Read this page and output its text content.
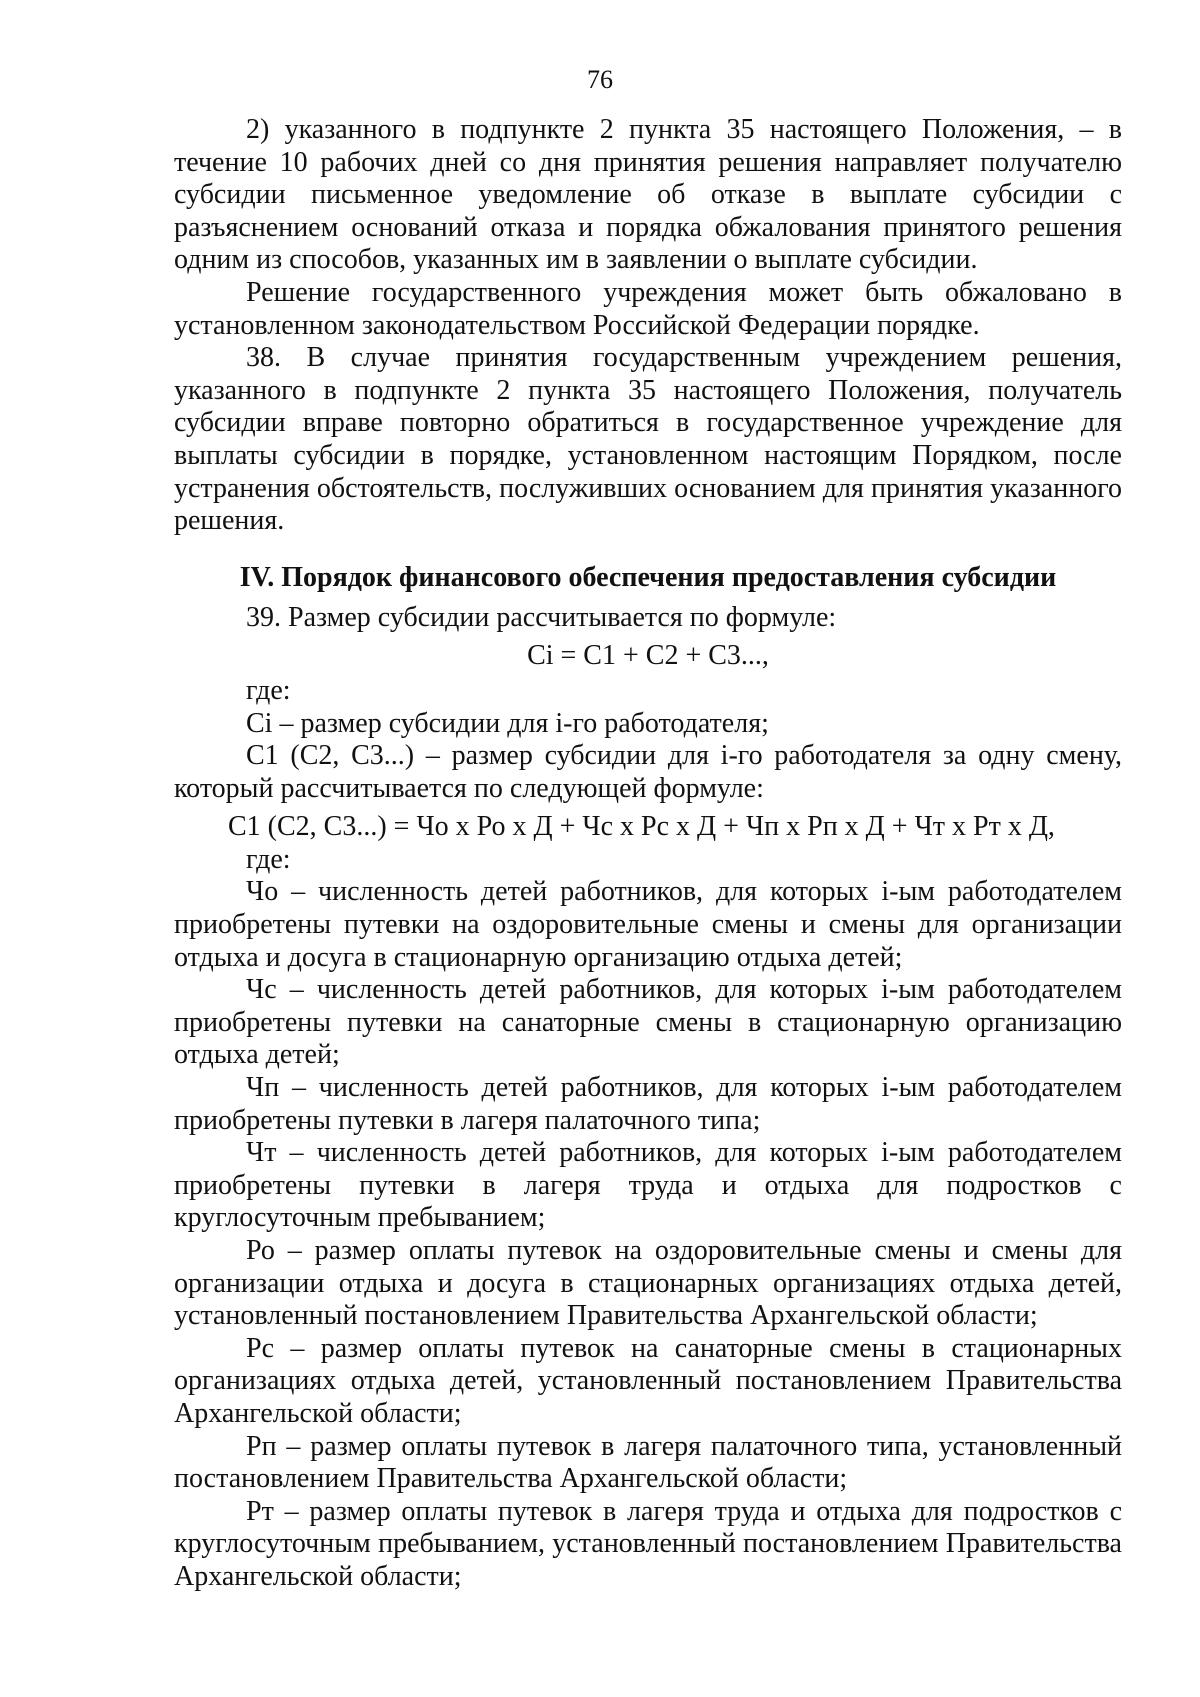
76

2) указанного в подпункте 2 пункта 35 настоящего Положения, – в течение 10 рабочих дней со дня принятия решения направляет получателю субсидии письменное уведомление об отказе в выплате субсидии с разъяснением оснований отказа и порядка обжалования принятого решения одним из способов, указанных им в заявлении о выплате субсидии.

Решение государственного учреждения может быть обжаловано в установленном законодательством Российской Федерации порядке.

38. В случае принятия государственным учреждением решения, указанного в подпункте 2 пункта 35 настоящего Положения, получатель субсидии вправе повторно обратиться в государственное учреждение для выплаты субсидии в порядке, установленном настоящим Порядком, после устранения обстоятельств, послуживших основанием для принятия указанного решения.

IV. Порядок финансового обеспечения предоставления субсидии

39. Размер субсидии рассчитывается по формуле:

Ci = C1 + C2 + C3...,

где:

Ci – размер субсидии для i-го работодателя;

C1 (C2, C3...) – размер субсидии для i-го работодателя за одну смену, который рассчитывается по следующей формуле:

C1 (C2, C3...) = Чо х Ро х Д + Чс х Рс х Д + Чп х Рп х Д + Чт х Рт х Д,

где:

Чо – численность детей работников, для которых i-ым работодателем приобретены путевки на оздоровительные смены и смены для организации отдыха и досуга в стационарную организацию отдыха детей;

Чс – численность детей работников, для которых i-ым работодателем приобретены путевки на санаторные смены в стационарную организацию отдыха детей;

Чп – численность детей работников, для которых i-ым работодателем приобретены путевки в лагеря палаточного типа;

Чт – численность детей работников, для которых i-ым работодателем приобретены путевки в лагеря труда и отдыха для подростков с круглосуточным пребыванием;

Ро – размер оплаты путевок на оздоровительные смены и смены для организации отдыха и досуга в стационарных организациях отдыха детей, установленный постановлением Правительства Архангельской области;

Рс – размер оплаты путевок на санаторные смены в стационарных организациях отдыха детей, установленный постановлением Правительства Архангельской области;

Рп – размер оплаты путевок в лагеря палаточного типа, установленный постановлением Правительства Архангельской области;

Рт – размер оплаты путевок в лагеря труда и отдыха для подростков с круглосуточным пребыванием, установленный постановлением Правительства Архангельской области;
